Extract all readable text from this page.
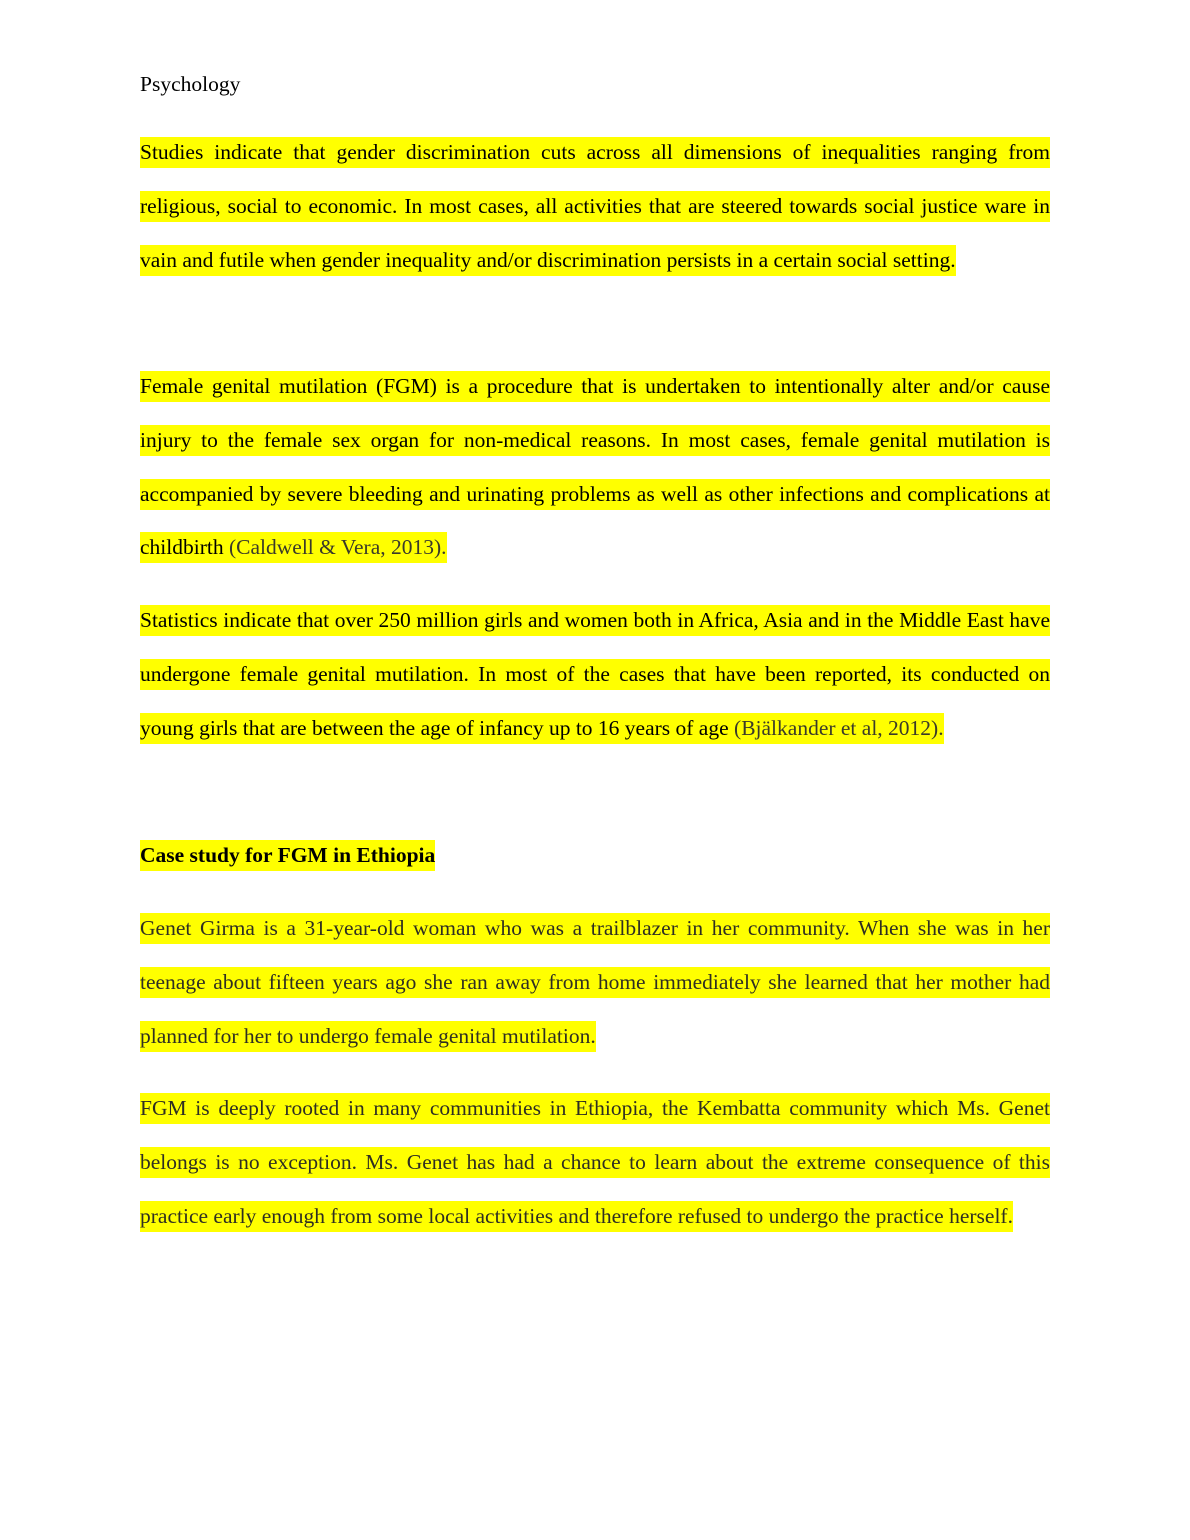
Psychology

Studies indicate that gender discrimination cuts across all dimensions of inequalities ranging from religious, social to economic. In most cases, all activities that are steered towards social justice ware in vain and futile when gender inequality and/or discrimination persists in a certain social setting.

Female genital mutilation (FGM) is a procedure that is undertaken to intentionally alter and/or cause injury to the female sex organ for non-medical reasons. In most cases, female genital mutilation is accompanied by severe bleeding and urinating problems as well as other infections and complications at childbirth (Caldwell & Vera, 2013).

Statistics indicate that over 250 million girls and women both in Africa, Asia and in the Middle East have undergone female genital mutilation. In most of the cases that have been reported, its conducted on young girls that are between the age of infancy up to 16 years of age (Bjälkander et al, 2012).

Case study for FGM in Ethiopia

Genet Girma is a 31-year-old woman who was a trailblazer in her community. When she was in her teenage about fifteen years ago she ran away from home immediately she learned that her mother had planned for her to undergo female genital mutilation.

FGM is deeply rooted in many communities in Ethiopia, the Kembatta community which Ms. Genet belongs is no exception. Ms. Genet has had a chance to learn about the extreme consequence of this practice early enough from some local activities and therefore refused to undergo the practice herself.
